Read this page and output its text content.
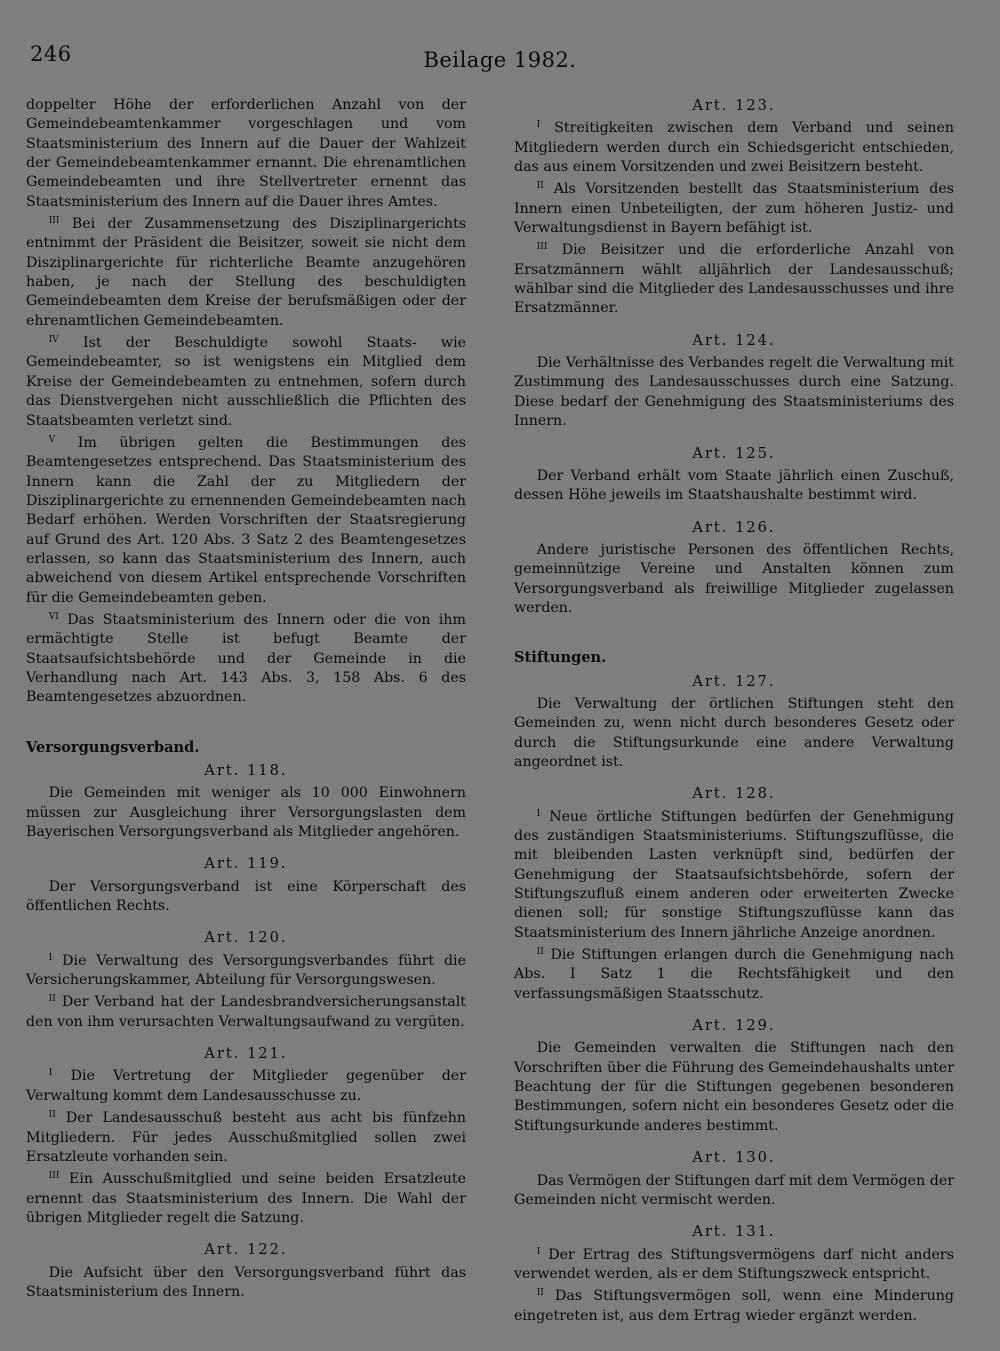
246	Beilage 1982.

doppelter Höhe der erforderlichen Anzahl von der Gemeindebeamtenkammer vorgeschlagen und vom Staatsministerium des Innern auf die Dauer der Wahlzeit der Gemeindebeamtenkammer ernannt. Die ehrenamtlichen Gemeindebeamten und ihre Stellvertreter ernennt das Staatsministerium des Innern auf die Dauer ihres Amtes.

$^{III}$ Bei der Zusammensetzung des Disziplinargerichts entnimmt der Präsident die Beisitzer, soweit sie nicht dem Disziplinargerichte für richterliche Beamte anzugehören haben, je nach der Stellung des beschuldigten Gemeindebeamten dem Kreise der berufsmäßigen oder der ehrenamtlichen Gemeindebeamten.

$^{IV}$ Ist der Beschuldigte sowohl Staats- wie Gemeindebeamter, so ist wenigstens ein Mitglied dem Kreise der Gemeindebeamten zu entnehmen, sofern durch das Dienstvergehen nicht ausschließlich die Pflichten des Staatsbeamten verletzt sind.

$^V$ Im übrigen gelten die Bestimmungen des Beamtengesetzes entsprechend. Das Staatsministerium des Innern kann die Zahl der zu Mitgliedern der Disziplinargerichte zu ernennenden Gemeindebeamten nach Bedarf erhöhen. Werden Vorschriften der Staatsregierung auf Grund des Art. 120 Abs. 3 Satz 2 des Beamtengesetzes erlassen, so kann das Staatsministerium des Innern, auch abweichend von diesem Artikel entsprechende Vorschriften für die Gemeindebeamten geben.

$^{VI}$ Das Staatsministerium des Innern oder die von ihm ermächtigte Stelle ist befugt Beamte der Staatsaufsichtsbehörde und der Gemeinde in die Verhandlung nach Art. 143 Abs. 3, 158 Abs. 6 des Beamtengesetzes abzuordnen.

Versorgungsverband.
Art. 118.

Die Gemeinden mit weniger als 10 000 Einwohnern müssen zur Ausgleichung ihrer Versorgungslasten dem Bayerischen Versorgungsverband als Mitglieder angehören.

Art. 119.

Der Versorgungsverband ist eine Körperschaft des öffentlichen Rechts.

Art. 120.

$^I$ Die Verwaltung des Versorgungsverbandes führt die Versicherungskammer, Abteilung für Versorgungswesen.

$^{II}$ Der Verband hat der Landesbrandversicherungsanstalt den von ihm verursachten Verwaltungsaufwand zu vergüten.

Art. 121.

$^I$ Die Vertretung der Mitglieder gegenüber der Verwaltung kommt dem Landesausschusse zu.

$^{II}$ Der Landesausschuß besteht aus acht bis fünfzehn Mitgliedern. Für jedes Ausschußmitglied sollen zwei Ersatzleute vorhanden sein.

$^{III}$ Ein Ausschußmitglied und seine beiden Ersatzleute ernennt das Staatsministerium des Innern. Die Wahl der übrigen Mitglieder regelt die Satzung.

Art. 122.

Die Aufsicht über den Versorgungsverband führt das Staatsministerium des Innern.

Art. 123.

$^I$ Streitigkeiten zwischen dem Verband und seinen Mitgliedern werden durch ein Schiedsgericht entschieden, das aus einem Vorsitzenden und zwei Beisitzern besteht.

$^{II}$ Als Vorsitzenden bestellt das Staatsministerium des Innern einen Unbeteiligten, der zum höheren Justiz- und Verwaltungsdienst in Bayern befähigt ist.

$^{III}$ Die Beisitzer und die erforderliche Anzahl von Ersatzmännern wählt alljährlich der Landesausschuß; wählbar sind die Mitglieder des Landesausschusses und ihre Ersatzmänner.

Art. 124.

Die Verhältnisse des Verbandes regelt die Verwaltung mit Zustimmung des Landesausschusses durch eine Satzung. Diese bedarf der Genehmigung des Staatsministeriums des Innern.

Art. 125.

Der Verband erhält vom Staate jährlich einen Zuschuß, dessen Höhe jeweils im Staatshaushalte bestimmt wird.

Art. 126.

Andere juristische Personen des öffentlichen Rechts, gemeinnützige Vereine und Anstalten können zum Versorgungsverband als freiwillige Mitglieder zugelassen werden.

Stiftungen.
Art. 127.

Die Verwaltung der örtlichen Stiftungen steht den Gemeinden zu, wenn nicht durch besonderes Gesetz oder durch die Stiftungsurkunde eine andere Verwaltung angeordnet ist.

Art. 128.

$^I$ Neue örtliche Stiftungen bedürfen der Genehmigung des zuständigen Staatsministeriums. Stiftungszuflüsse, die mit bleibenden Lasten verknüpft sind, bedürfen der Genehmigung der Staatsaufsichtsbehörde, sofern der Stiftungszufluß einem anderen oder erweiterten Zwecke dienen soll; für sonstige Stiftungszuflüsse kann das Staatsministerium des Innern jährliche Anzeige anordnen.

$^{II}$ Die Stiftungen erlangen durch die Genehmigung nach Abs. I Satz 1 die Rechtsfähigkeit und den verfassungsmäßigen Staatsschutz.

Art. 129.

Die Gemeinden verwalten die Stiftungen nach den Vorschriften über die Führung des Gemeindehaushalts unter Beachtung der für die Stiftungen gegebenen besonderen Bestimmungen, sofern nicht ein besonderes Gesetz oder die Stiftungsurkunde anderes bestimmt.

Art. 130.

Das Vermögen der Stiftungen darf mit dem Vermögen der Gemeinden nicht vermischt werden.

Art. 131.

$^I$ Der Ertrag des Stiftungsvermögens darf nicht anders verwendet werden, als er dem Stiftungszweck entspricht.

$^{II}$ Das Stiftungsvermögen soll, wenn eine Minderung eingetreten ist, aus dem Ertrag wieder ergänzt werden.
